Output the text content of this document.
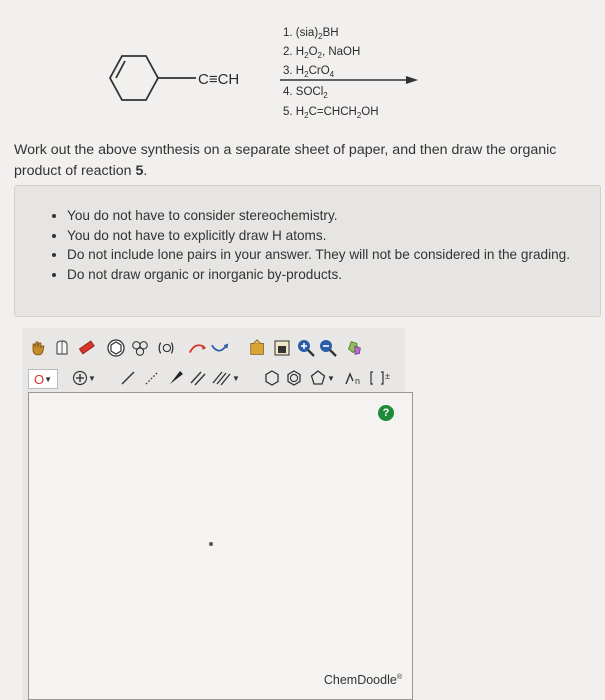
C≡CH
1. $(sia)_2BH$
2. $H_2O_2$, NaOH
3. $H_2CrO_4$
4. SOCl$_2$
5. $H_2C=CHCH_2OH$
Work out the above synthesis on a separate sheet of paper, and then draw the organic product of reaction 5.
• You do not have to consider stereochemistry.
• You do not have to explicitly draw H atoms.
• Do not include lone pairs in your answer. They will not be considered in the grading.
• Do not draw organic or inorganic by-products.
O ▼	▼	▼	▼ n	±
?
ChemDoodle®
